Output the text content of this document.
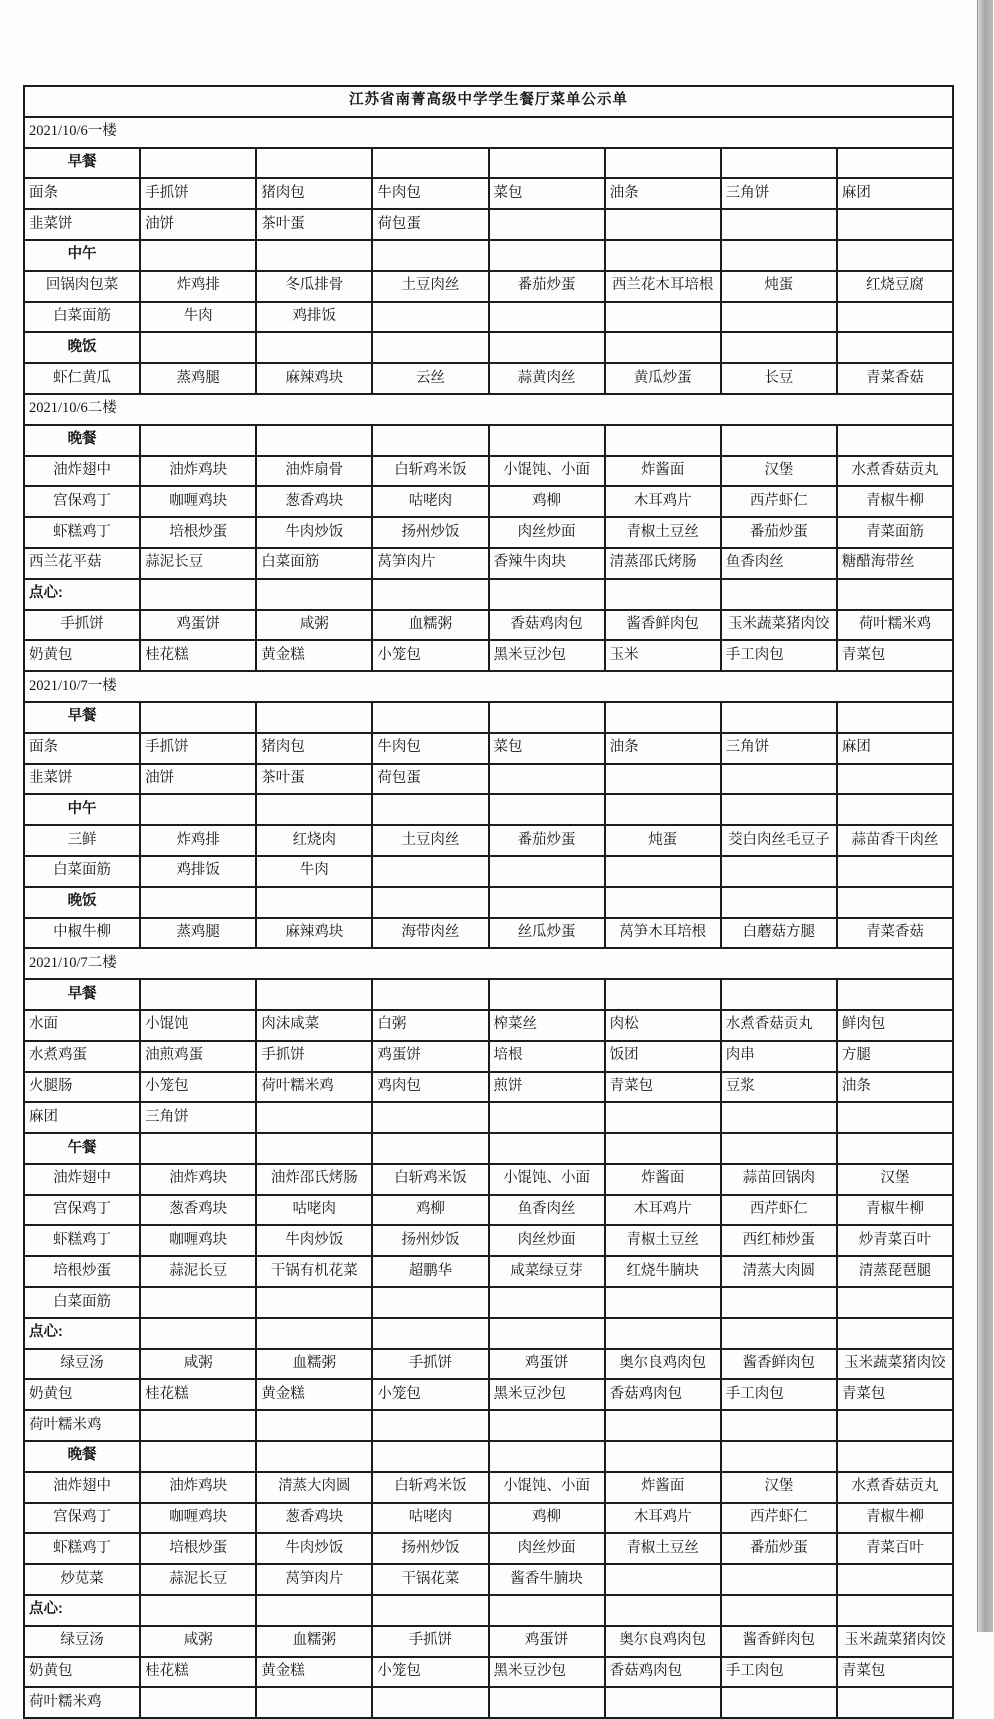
江苏省南菁高级中学学生餐厅菜单公示单							
2021/10/6一楼							
早餐							
面条	手抓饼	猪肉包	牛肉包	菜包	油条	三角饼	麻团
韭菜饼	油饼	茶叶蛋	荷包蛋				
中午							
回锅肉包菜	炸鸡排	冬瓜排骨	土豆肉丝	番茄炒蛋	西兰花木耳培根	炖蛋	红烧豆腐
白菜面筋	牛肉	鸡排饭					
晚饭							
虾仁黄瓜	蒸鸡腿	麻辣鸡块	云丝	蒜黄肉丝	黄瓜炒蛋	长豆	青菜香菇
2021/10/6二楼							
晚餐							
油炸翅中	油炸鸡块	油炸扇骨	白斩鸡米饭	小馄饨、小面	炸酱面	汉堡	水煮香菇贡丸
宫保鸡丁	咖喱鸡块	葱香鸡块	咕咾肉	鸡柳	木耳鸡片	西芹虾仁	青椒牛柳
虾糕鸡丁	培根炒蛋	牛肉炒饭	扬州炒饭	肉丝炒面	青椒土豆丝	番茄炒蛋	青菜面筋
西兰花平菇	蒜泥长豆	白菜面筋	莴笋肉片	香辣牛肉块	清蒸邵氏烤肠	鱼香肉丝	糖醋海带丝
点心:							
手抓饼	鸡蛋饼	咸粥	血糯粥	香菇鸡肉包	酱香鲜肉包	玉米蔬菜猪肉饺	荷叶糯米鸡
奶黄包	桂花糕	黄金糕	小笼包	黑米豆沙包	玉米	手工肉包	青菜包
2021/10/7一楼							
早餐							
面条	手抓饼	猪肉包	牛肉包	菜包	油条	三角饼	麻团
韭菜饼	油饼	茶叶蛋	荷包蛋				
中午							
三鲜	炸鸡排	红烧肉	土豆肉丝	番茄炒蛋	炖蛋	茭白肉丝毛豆子	蒜苗香干肉丝
白菜面筋	鸡排饭	牛肉					
晚饭							
中椒牛柳	蒸鸡腿	麻辣鸡块	海带肉丝	丝瓜炒蛋	莴笋木耳培根	白蘑菇方腿	青菜香菇
2021/10/7二楼							
早餐							
水面	小馄饨	肉沫咸菜	白粥	榨菜丝	肉松	水煮香菇贡丸	鲜肉包
水煮鸡蛋	油煎鸡蛋	手抓饼	鸡蛋饼	培根	饭团	肉串	方腿
火腿肠	小笼包	荷叶糯米鸡	鸡肉包	煎饼	青菜包	豆浆	油条
麻团	三角饼						
午餐							
油炸翅中	油炸鸡块	油炸邵氏烤肠	白斩鸡米饭	小馄饨、小面	炸酱面	蒜苗回锅肉	汉堡
宫保鸡丁	葱香鸡块	咕咾肉	鸡柳	鱼香肉丝	木耳鸡片	西芹虾仁	青椒牛柳
虾糕鸡丁	咖喱鸡块	牛肉炒饭	扬州炒饭	肉丝炒面	青椒土豆丝	西红柿炒蛋	炒青菜百叶
培根炒蛋	蒜泥长豆	干锅有机花菜	超鹏华	咸菜绿豆芽	红烧牛腩块	清蒸大肉圆	清蒸琵琶腿
白菜面筋							
点心:							
绿豆汤	咸粥	血糯粥	手抓饼	鸡蛋饼	奥尔良鸡肉包	酱香鲜肉包	玉米蔬菜猪肉饺
奶黄包	桂花糕	黄金糕	小笼包	黑米豆沙包	香菇鸡肉包	手工肉包	青菜包
荷叶糯米鸡							
晚餐							
油炸翅中	油炸鸡块	清蒸大肉圆	白斩鸡米饭	小馄饨、小面	炸酱面	汉堡	水煮香菇贡丸
宫保鸡丁	咖喱鸡块	葱香鸡块	咕咾肉	鸡柳	木耳鸡片	西芹虾仁	青椒牛柳
虾糕鸡丁	培根炒蛋	牛肉炒饭	扬州炒饭	肉丝炒面	青椒土豆丝	番茄炒蛋	青菜百叶
炒苋菜	蒜泥长豆	莴笋肉片	干锅花菜	酱香牛腩块			
点心:							
绿豆汤	咸粥	血糯粥	手抓饼	鸡蛋饼	奥尔良鸡肉包	酱香鲜肉包	玉米蔬菜猪肉饺
奶黄包	桂花糕	黄金糕	小笼包	黑米豆沙包	香菇鸡肉包	手工肉包	青菜包
荷叶糯米鸡							
